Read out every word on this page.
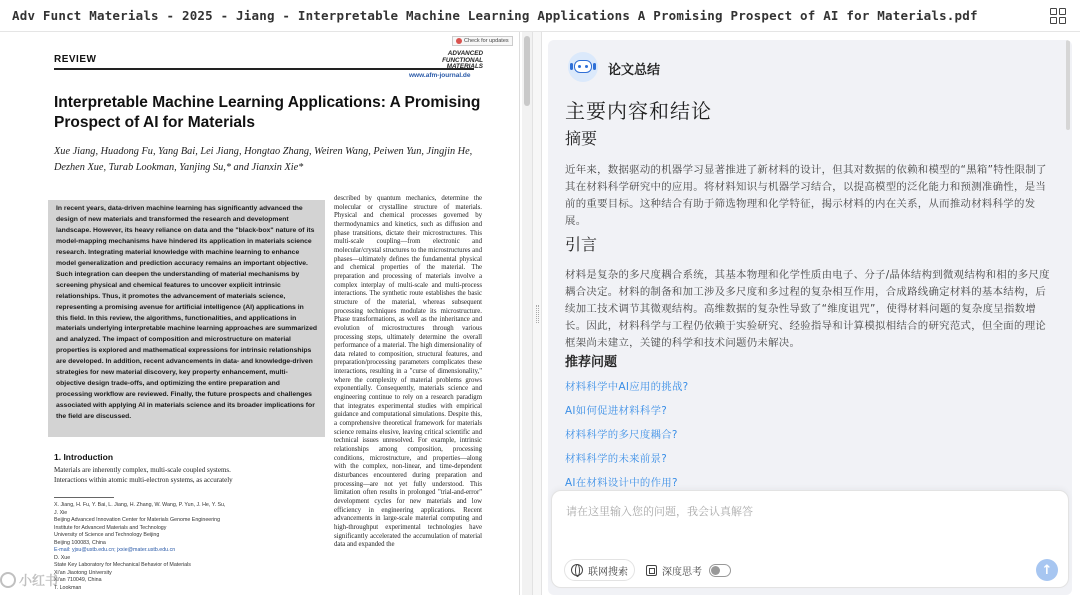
Adv Funct Materials - 2025 - Jiang - Interpretable Machine Learning Applications A Promising Prospect of AI for Materials.pdf
Check for updates
REVIEW
ADVANCED FUNCTIONAL MATERIALS
www.afm-journal.de
Interpretable Machine Learning Applications: A Promising Prospect of AI for Materials
Xue Jiang, Huadong Fu, Yang Bai, Lei Jiang, Hongtao Zhang, Weiren Wang, Peiwen Yun, Jingjin He, Dezhen Xue, Turab Lookman, Yanjing Su,* and Jianxin Xie*

In recent years, data-driven machine learning has significantly advanced the design of new materials and transformed the research and development landscape. However, its heavy reliance on data and the "black-box" nature of its model-mapping mechanisms have hindered its application in materials science research. Integrating material knowledge with machine learning to enhance model generalization and prediction accuracy remains an important objective. Such integration can deepen the understanding of material mechanisms by screening physical and chemical features to uncover explicit intrinsic relationships. Thus, it promotes the advancement of materials science, representing a promising avenue for artificial intelligence (AI) applications in this field. In this review, the algorithms, functionalities, and applications in materials underlying interpretable machine learning approaches are summarized and analyzed. The impact of composition and microstructure on material properties is explored and mathematical expressions for intrinsic relationships are developed. In addition, recent advancements in data- and knowledge-driven strategies for new material discovery, key property enhancement, multi-objective design trade-offs, and optimizing the entire preparation and processing workflow are reviewed. Finally, the future prospects and challenges associated with applying AI in materials science and its broader implications for the field are discussed.

1. Introduction
Materials are inherently complex, multi-scale coupled systems. Interactions within atomic multi-electron systems, as accurately
X. Jiang, H. Fu, Y. Bai, L. Jiang, H. Zhang, W. Wang, P. Yun, J. He, Y. Su,
J. Xie
Beijing Advanced Innovation Center for Materials Genome Engineering
Institute for Advanced Materials and Technology
University of Science and Technology Beijing
Beijing 100083, China
E-mail: yjsu@ustb.edu.cn; jxxie@mater.ustb.edu.cn
D. Xue
State Key Laboratory for Mechanical Behavior of Materials
Xi'an Jiaotong University
Xi'an 710049, China
T. Lookman
described by quantum mechanics, determine the molecular or crystalline structure of materials. Physical and chemical processes governed by thermodynamics and kinetics, such as diffusion and phase transitions, dictate their microstructures. This multi-scale coupling—from electronic and molecular/crystal structures to the microstructures and phases—ultimately defines the fundamental physical and chemical properties of the material. The preparation and processing of materials involve a complex interplay of multi-scale and multi-process interactions. The synthetic route establishes the basic structure of the material, whereas subsequent processing techniques modulate its microstructure. Phase transformations, as well as the inheritance and evolution of microstructures through various processing steps, ultimately determine the overall performance of a material. The high dimensionality of data related to composition, structural features, and preparation/processing parameters complicates these interactions, resulting in a "curse of dimensionality," where the complexity of material problems grows exponentially. Consequently, materials science and engineering continue to rely on a research paradigm that integrates experimental studies with empirical guidance and computational simulations. Despite this, a comprehensive theoretical framework for materials science remains elusive, leaving critical scientific and technical issues unresolved. For example, intrinsic relationships among composition, processing conditions, microstructure, and properties—along with the complex, non-linear, and time-dependent disturbances encountered during preparation and processing—are not yet fully understood. This limitation often results in prolonged "trial-and-error" development cycles for new materials and low efficiency in engineering applications. Recent advancements in large-scale material computing and high-throughput experimental technologies have significantly accelerated the accumulation of material data and expanded the
小红书
论文总结
主要内容和结论
摘要
近年来，数据驱动的机器学习显著推进了新材料的设计，但其对数据的依赖和模型的“黑箱”特性限制了其在材料科学研究中的应用。将材料知识与机器学习结合，以提高模型的泛化能力和预测准确性，是当前的重要目标。这种结合有助于筛选物理和化学特征，揭示材料的内在关系，从而推动材料科学的发展。
引言
材料是复杂的多尺度耦合系统，其基本物理和化学性质由电子、分子/晶体结构到微观结构和相的多尺度耦合决定。材料的制备和加工涉及多尺度和多过程的复杂相互作用，合成路线确定材料的基本结构，后续加工技术调节其微观结构。高维数据的复杂性导致了“维度诅咒”，使得材料问题的复杂度呈指数增长。因此，材料科学与工程仍依赖于实验研究、经验指导和计算模拟相结合的研究范式，但全面的理论框架尚未建立，关键的科学和技术问题仍未解决。
推荐问题
材料科学中AI应用的挑战?
AI如何促进材料科学?
材料科学的多尺度耦合?
材料科学的未来前景?
AI在材料设计中的作用?
请在这里输入您的问题，我会认真解答
联网搜索	深度思考	↑
